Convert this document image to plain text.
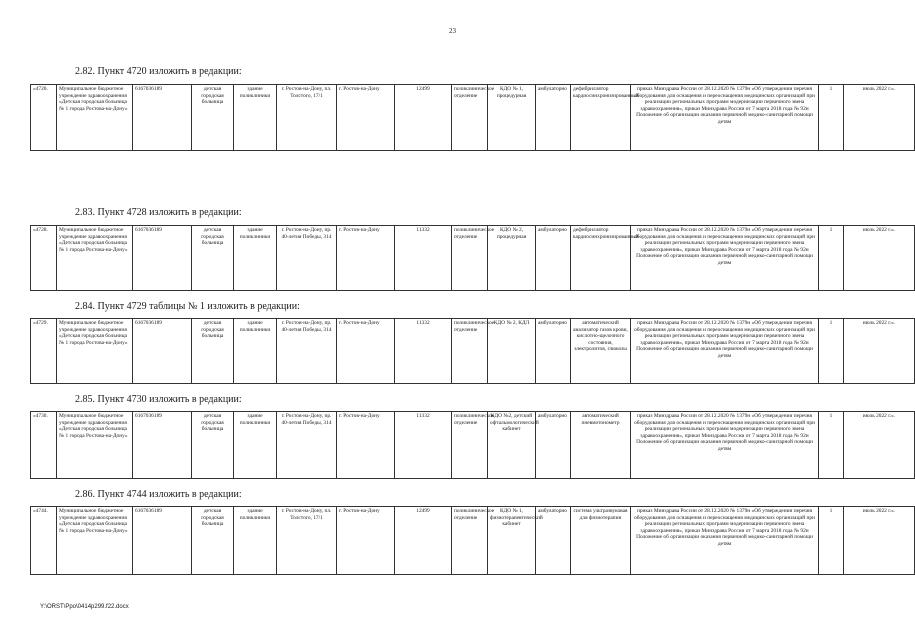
23
2.82. Пункт 4720 изложить в редакции:
«4720.	Муниципальное бюджетное учреждение здравоохранения «Детская городская больница № 1 города Ростова-на-Дону»	6167036189	детская городская больница	здание поликлиники	г. Ростов-на-Дону, пл. Толстого, 17/1	г. Ростов-на-Дону	12499	поликлиническое отделение	КДО № 1, процедурная	амбулаторно	дефибриллятор кардиосинхронизированный	приказ Минздрава России от 28.12.2020 № 1379н «Об утверждении перечня оборудования для оснащения и переоснащения медицинских организаций при реализации региональных программ модернизации первичного звена здравоохранения», приказ Минздрава России от 7 марта 2018 года № 92н Положение об организации оказания первичной медико-санитарной помощи детям	1	июль 2022 г.».
2.83. Пункт 4728 изложить в редакции:
«4728.	Муниципальное бюджетное учреждение здравоохранения «Детская городская больница № 1 города Ростова-на-Дону»	6167036189	детская городская больница	здание поликлиники	г. Ростов-на-Дону, пр. 40-летия Победы, 314	г. Ростов-на-Дону	11332	поликлиническое отделение	КДО № 2, процедурная	амбулаторно	дефибриллятор кардиосинхронизированный	приказ Минздрава России от 28.12.2020 № 1379н «Об утверждении перечня оборудования для оснащения и переоснащения медицинских организаций при реализации региональных программ модернизации первичного звена здравоохранения», приказ Минздрава России от 7 марта 2018 года № 92н Положение об организации оказания первичной медико-санитарной помощи детям	1	июль 2022 г.».
2.84. Пункт 4729 таблицы № 1 изложить в редакции:
«4729.	Муниципальное бюджетное учреждение здравоохранения «Детская городская больница № 1 города Ростова-на-Дону»	6167036189	детская городская больница	здание поликлиники	г. Ростов-на-Дону, пр. 40-летия Победы, 314	г. Ростов-на-Дону	11332	поликлиническое отделение	КДО № 2, КДЛ	амбулаторно	автоматический анализатор газов крови, кислотно-щелочного состояния, электролитов, глюкозы	приказ Минздрава России от 28.12.2020 № 1379н «Об утверждении перечня оборудования для оснащения и переоснащения медицинских организаций при реализации региональных программ модернизации первичного звена здравоохранения», приказ Минздрава России от 7 марта 2018 года № 92н Положение об организации оказания первичной медико-санитарной помощи детям	1	июль 2022 г.».
2.85. Пункт 4730 изложить в редакции:
«4730.	Муниципальное бюджетное учреждение здравоохранения «Детская городская больница № 1 города Ростова-на-Дону»	6167036189	детская городская больница	здание поликлиники	г. Ростов-на-Дону, пр. 40-летия Победы, 314	г. Ростов-на-Дону	11332	поликлиническое отделение	КДО №2, детский офтальмологический кабинет	амбулаторно	автоматический пневмотонометр	приказ Минздрава России от 28.12.2020 № 1379н «Об утверждении перечня оборудования для оснащения и переоснащения медицинских организаций при реализации региональных программ модернизации первичного звена здравоохранения», приказ Минздрава России от 7 марта 2018 года № 92н Положение об организации оказания первичной медико-санитарной помощи детям	1	июль 2022 г.».
2.86. Пункт 4744 изложить в редакции:
«4744.	Муниципальное бюджетное учреждение здравоохранения «Детская городская больница № 1 города Ростова-на-Дону»	6167036189	детская городская больница	здание поликлиники	г. Ростов-на-Дону, пл. Толстого, 17/1	г. Ростов-на-Дону	12499	поликлиническое отделение	КДО № 1, физиотерапевтический кабинет	амбулаторно	система ультразвуковая для физиотерапии	приказ Минздрава России от 28.12.2020 № 1379н «Об утверждении перечня оборудования для оснащения и переоснащения медицинских организаций при реализации региональных программ модернизации первичного звена здравоохранения», приказ Минздрава России от 7 марта 2018 года № 92н Положение об организации оказания первичной медико-санитарной помощи детям	1	июль 2022 г.».
Y:\ORST\Ppo\0414p299.f22.docx
